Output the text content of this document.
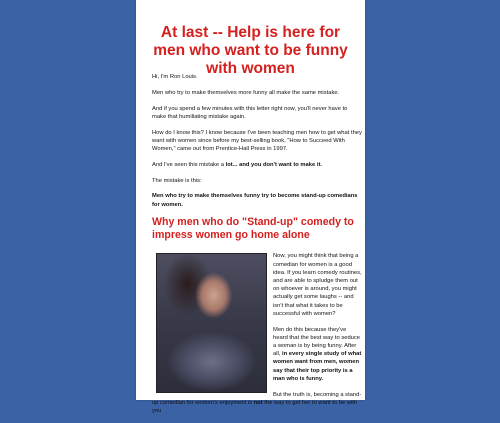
At last -- Help is here for men who want to be funny with women

Hi, I'm Ron Louis.

Men who try to make themselves more funny all make the same mistake.

And if you spend a few minutes with this letter right now, you'll never have to make that humiliating mistake again.

How do I know this? I know because I've been teaching men how to get what they want with women since before my best-selling book, "How to Succeed With Women," came out from Prentice-Hall Press in 1997.

And I've seen this mistake a lot... and you don't want to make it.

The mistake is this:

Men who try to make themselves funny try to become stand-up comedians for women.

Why men who do "Stand-up" comedy to impress women go home alone

Now, you might think that being a comedian for women is a good idea. If you learn comedy routines, and are able to spludge them out on whoever is around, you might actually get some laughs -- and isn't that what it takes to be successful with women?

Men do this because they've heard that the best way to seduce a woman is by being funny. After all, in every single study of what women want from men, women say that their top priority is a man who is funny.

But the truth is, becoming a stand-up comedian for women's enjoyment is not the way to get her to want to be with you
